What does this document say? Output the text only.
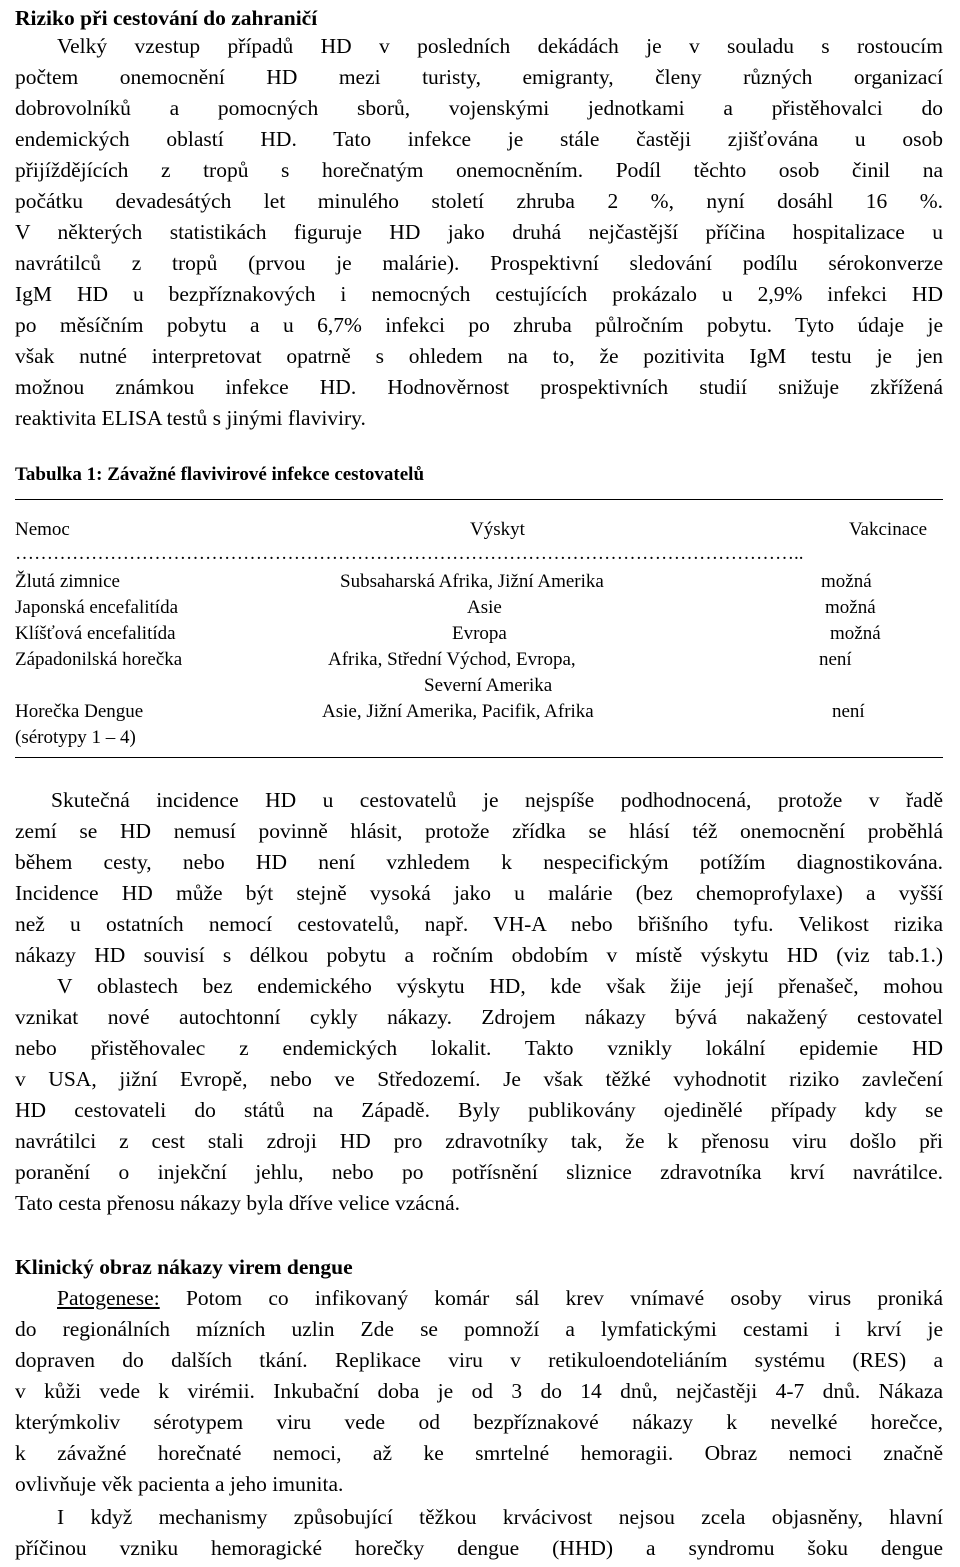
Riziko při cestování do zahraničí
Velký vzestup případů HD v posledních dekádách je v souladu s rostoucím
počtem onemocnění HD mezi turisty, emigranty, členy různých organizací
dobrovolníků a pomocných sborů, vojenskými jednotkami a přistěhovalci do
endemických oblastí HD. Tato infekce je stále častěji zjišťována u osob
přijíždějících z tropů s horečnatým onemocněním. Podíl těchto osob činil na
počátku devadesátých let minulého století zhruba 2 %, nyní dosáhl 16 %.
V některých statistikách figuruje HD jako druhá nejčastější příčina hospitalizace u
navrátilců z tropů (prvou je malárie). Prospektivní sledování podílu sérokonverze
IgM HD u bezpříznakových i nemocných cestujících prokázalo u 2,9% infekci HD
po měsíčním pobytu a u 6,7% infekci po zhruba půlročním pobytu. Tyto údaje je
však nutné interpretovat opatrně s ohledem na to, že pozitivita IgM testu je jen
možnou známkou infekce HD. Hodnověrnost prospektivních studií snižuje zkřížená
reaktivita ELISA testů s jinými flaviviry.
Tabulka 1: Závažné flavivirové infekce cestovatelů
Nemoc	Výskyt	Vakcinace
……………………………………………………………………………………………………………..
Žlutá zimnice	Subsaharská Afrika, Jižní Amerika	možná
Japonská encefalitída	Asie	možná
Klíšťová encefalitída	Evropa	možná
Západonilská horečka	Afrika, Střední Východ, Evropa,	není
Severní Amerika
Horečka Dengue	Asie, Jižní Amerika, Pacifik, Afrika	není
(sérotypy 1 – 4)
Skutečná incidence HD u cestovatelů je nejspíše podhodnocená, protože v řadě
zemí se HD nemusí povinně hlásit, protože zřídka se hlásí též onemocnění proběhlá
během cesty, nebo HD není vzhledem k nespecifickým potížím diagnostikována.
Incidence HD může být stejně vysoká jako u malárie (bez chemoprofylaxe) a vyšší
než u ostatních nemocí cestovatelů, např. VH-A nebo břišního tyfu. Velikost rizika
nákazy HD souvisí s délkou pobytu a ročním obdobím v místě výskytu HD (viz tab.1.)
V oblastech bez endemického výskytu HD, kde však žije její přenašeč, mohou
vznikat nové autochtonní cykly nákazy. Zdrojem nákazy bývá nakažený cestovatel
nebo přistěhovalec z endemických lokalit. Takto vznikly lokální epidemie HD
v USA, jižní Evropě, nebo ve Středozemí. Je však těžké vyhodnotit riziko zavlečení
HD cestovateli do států na Západě. Byly publikovány ojedinělé případy kdy se
navrátilci z cest stali zdroji HD pro zdravotníky tak, že k přenosu viru došlo při
poranění o injekční jehlu, nebo po potřísnění sliznice zdravotníka krví navrátilce.
Tato cesta přenosu nákazy byla dříve velice vzácná.
Klinický obraz nákazy virem dengue
Patogenese: Potom co infikovaný komár sál krev vnímavé osoby virus proniká
do regionálních mízních uzlin Zde se pomnoží a lymfatickými cestami i krví je
dopraven do dalších tkání. Replikace viru v retikuloendoteliáním systému (RES) a
v kůži vede k virémii. Inkubační doba je od 3 do 14 dnů, nejčastěji 4-7 dnů. Nákaza
kterýmkoliv sérotypem viru vede od bezpříznakové nákazy k nevelké horečce,
k závažné horečnaté nemoci, až ke smrtelné hemoragii. Obraz nemoci značně
ovlivňuje věk pacienta a jeho imunita.
I když mechanismy způsobující těžkou krvácivost nejsou zcela objasněny, hlavní
příčinou vzniku hemoragické horečky dengue (HHD) a syndromu šoku dengue
